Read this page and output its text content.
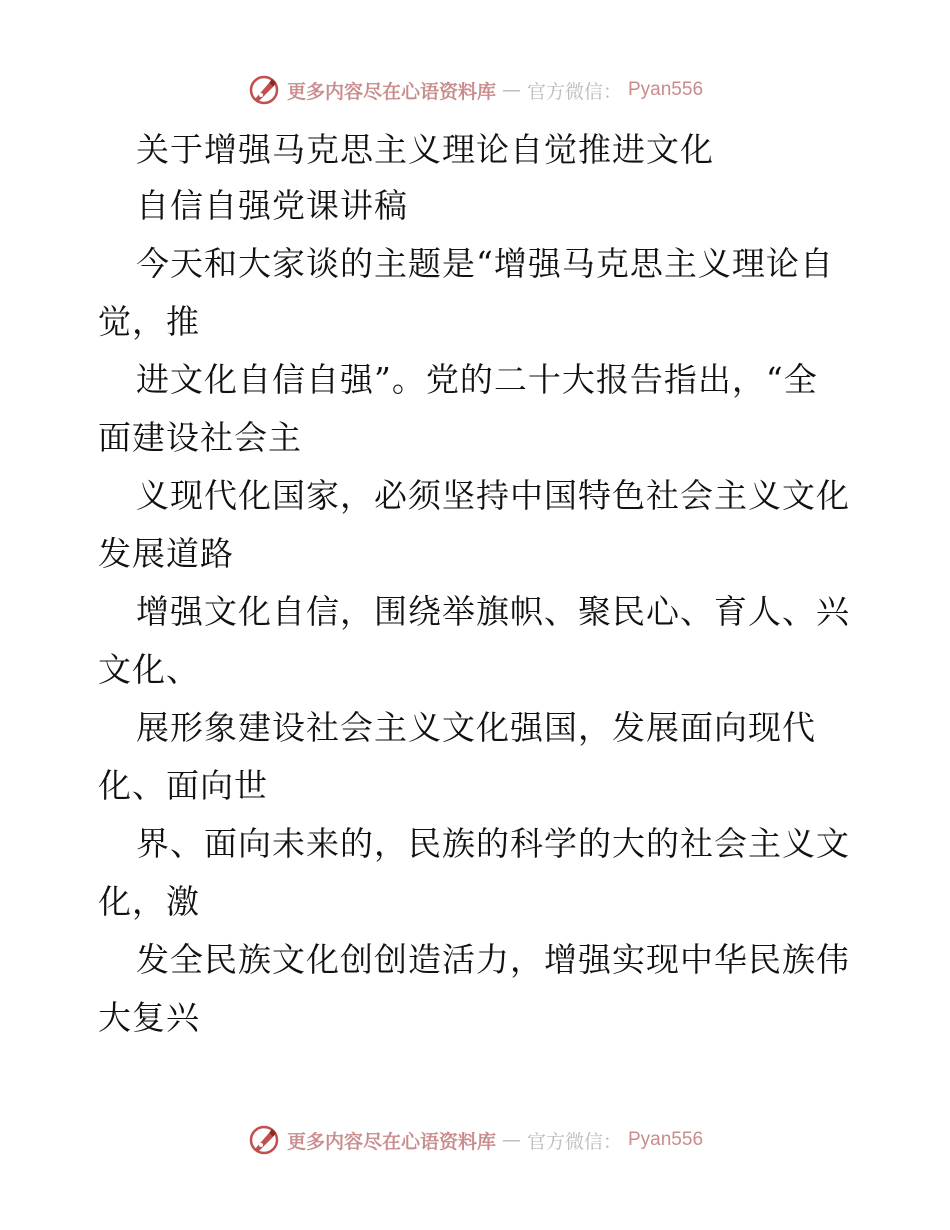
更多内容尽在心语资料库 — 官方微信： Pyan556
关于增强马克思主义理论自觉推进文化
自信自强党课讲稿
今天和大家谈的主题是“增强马克思主义理论自
觉，推
进文化自信自强”。党的二十大报告指出，“全
面建设社会主
义现代化国家，必须坚持中国特色社会主义文化
发展道路
增强文化自信，围绕举旗帜、聚民心、育人、兴
文化、
展形象建设社会主义文化强国，发展面向现代
化、面向世
界、面向未来的，民族的科学的大的社会主义文
化，激
发全民族文化创创造活力，增强实现中华民族伟
大复兴
更多内容尽在心语资料库 — 官方微信： Pyan556
